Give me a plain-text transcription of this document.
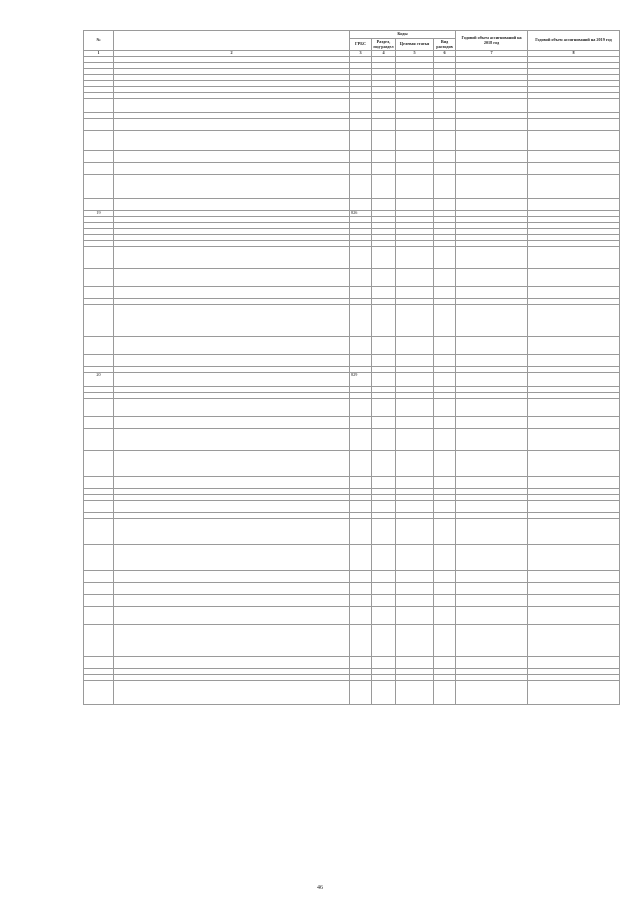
№		Коды				Годовой объем ассигнований на 2018 год	Годовой объем ассигнований на 2019 год
		ГРБС	Раздел, под-раздел	Целевая статья	Вид расходов		
1	2	3	4	5	6	7	8

19		826					

20		829					

46
